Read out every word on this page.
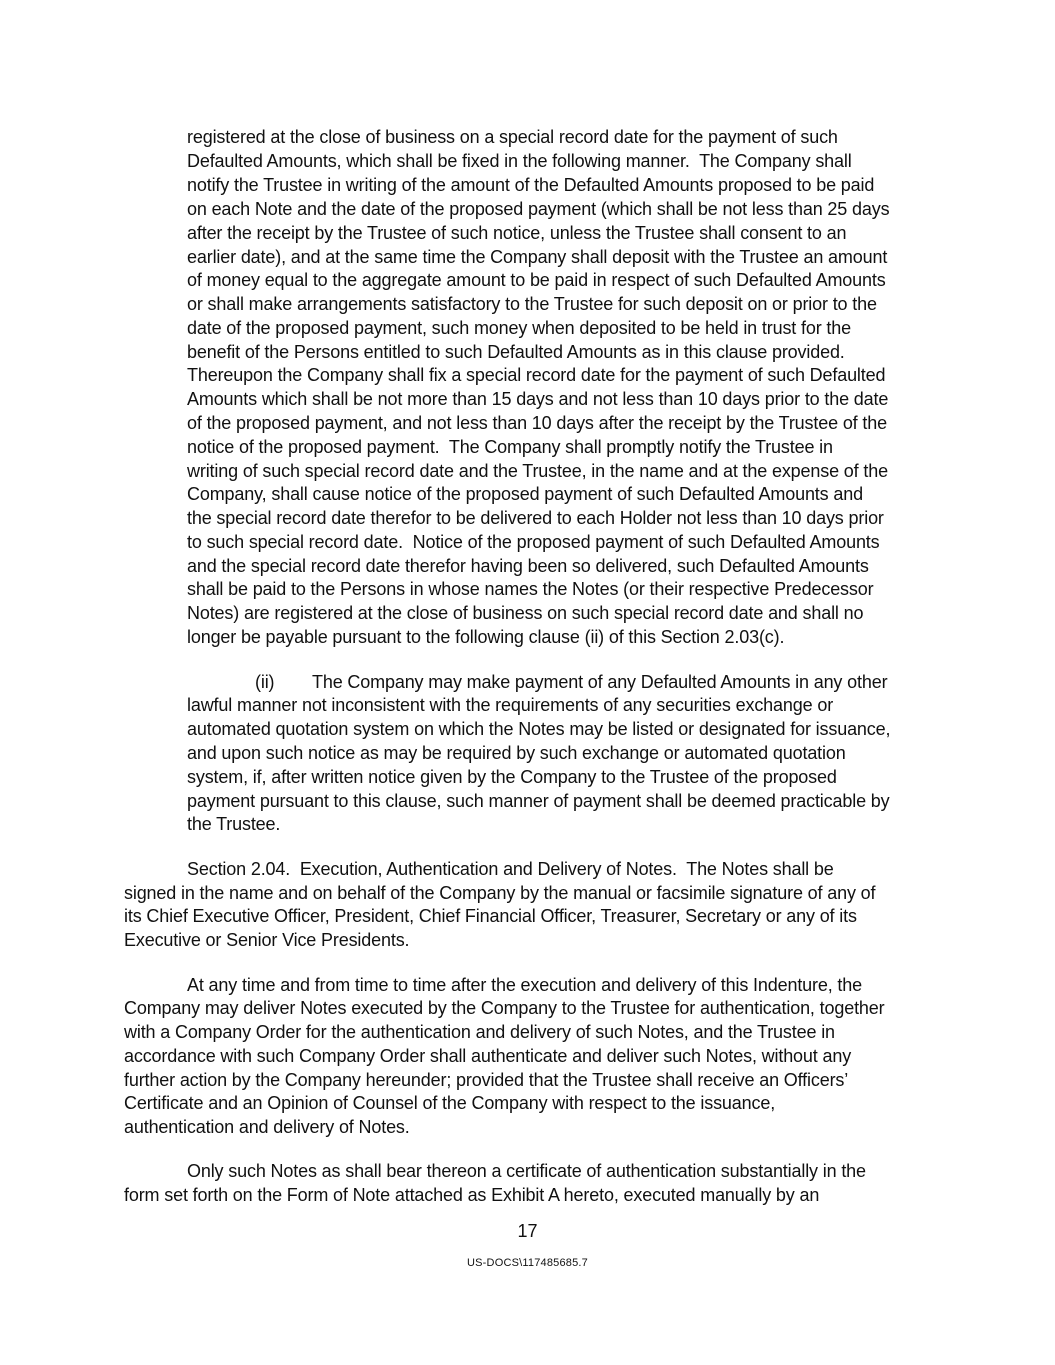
registered at the close of business on a special record date for the payment of such
Defaulted Amounts, which shall be fixed in the following manner.  The Company shall
notify the Trustee in writing of the amount of the Defaulted Amounts proposed to be paid
on each Note and the date of the proposed payment (which shall be not less than 25 days
after the receipt by the Trustee of such notice, unless the Trustee shall consent to an
earlier date), and at the same time the Company shall deposit with the Trustee an amount
of money equal to the aggregate amount to be paid in respect of such Defaulted Amounts
or shall make arrangements satisfactory to the Trustee for such deposit on or prior to the
date of the proposed payment, such money when deposited to be held in trust for the
benefit of the Persons entitled to such Defaulted Amounts as in this clause provided.
Thereupon the Company shall fix a special record date for the payment of such Defaulted
Amounts which shall be not more than 15 days and not less than 10 days prior to the date
of the proposed payment, and not less than 10 days after the receipt by the Trustee of the
notice of the proposed payment.  The Company shall promptly notify the Trustee in
writing of such special record date and the Trustee, in the name and at the expense of the
Company, shall cause notice of the proposed payment of such Defaulted Amounts and
the special record date therefor to be delivered to each Holder not less than 10 days prior
to such special record date.  Notice of the proposed payment of such Defaulted Amounts
and the special record date therefor having been so delivered, such Defaulted Amounts
shall be paid to the Persons in whose names the Notes (or their respective Predecessor
Notes) are registered at the close of business on such special record date and shall no
longer be payable pursuant to the following clause (ii) of this Section 2.03(c).
(ii) The Company may make payment of any Defaulted Amounts in any other
lawful manner not inconsistent with the requirements of any securities exchange or
automated quotation system on which the Notes may be listed or designated for issuance,
and upon such notice as may be required by such exchange or automated quotation
system, if, after written notice given by the Company to the Trustee of the proposed
payment pursuant to this clause, such manner of payment shall be deemed practicable by
the Trustee.
Section 2.04.  Execution, Authentication and Delivery of Notes.  The Notes shall be
signed in the name and on behalf of the Company by the manual or facsimile signature of any of
its Chief Executive Officer, President, Chief Financial Officer, Treasurer, Secretary or any of its
Executive or Senior Vice Presidents.
At any time and from time to time after the execution and delivery of this Indenture, the
Company may deliver Notes executed by the Company to the Trustee for authentication, together
with a Company Order for the authentication and delivery of such Notes, and the Trustee in
accordance with such Company Order shall authenticate and deliver such Notes, without any
further action by the Company hereunder; provided that the Trustee shall receive an Officers’
Certificate and an Opinion of Counsel of the Company with respect to the issuance,
authentication and delivery of Notes.
Only such Notes as shall bear thereon a certificate of authentication substantially in the
form set forth on the Form of Note attached as Exhibit A hereto, executed manually by an
17
US-DOCS\117485685.7
